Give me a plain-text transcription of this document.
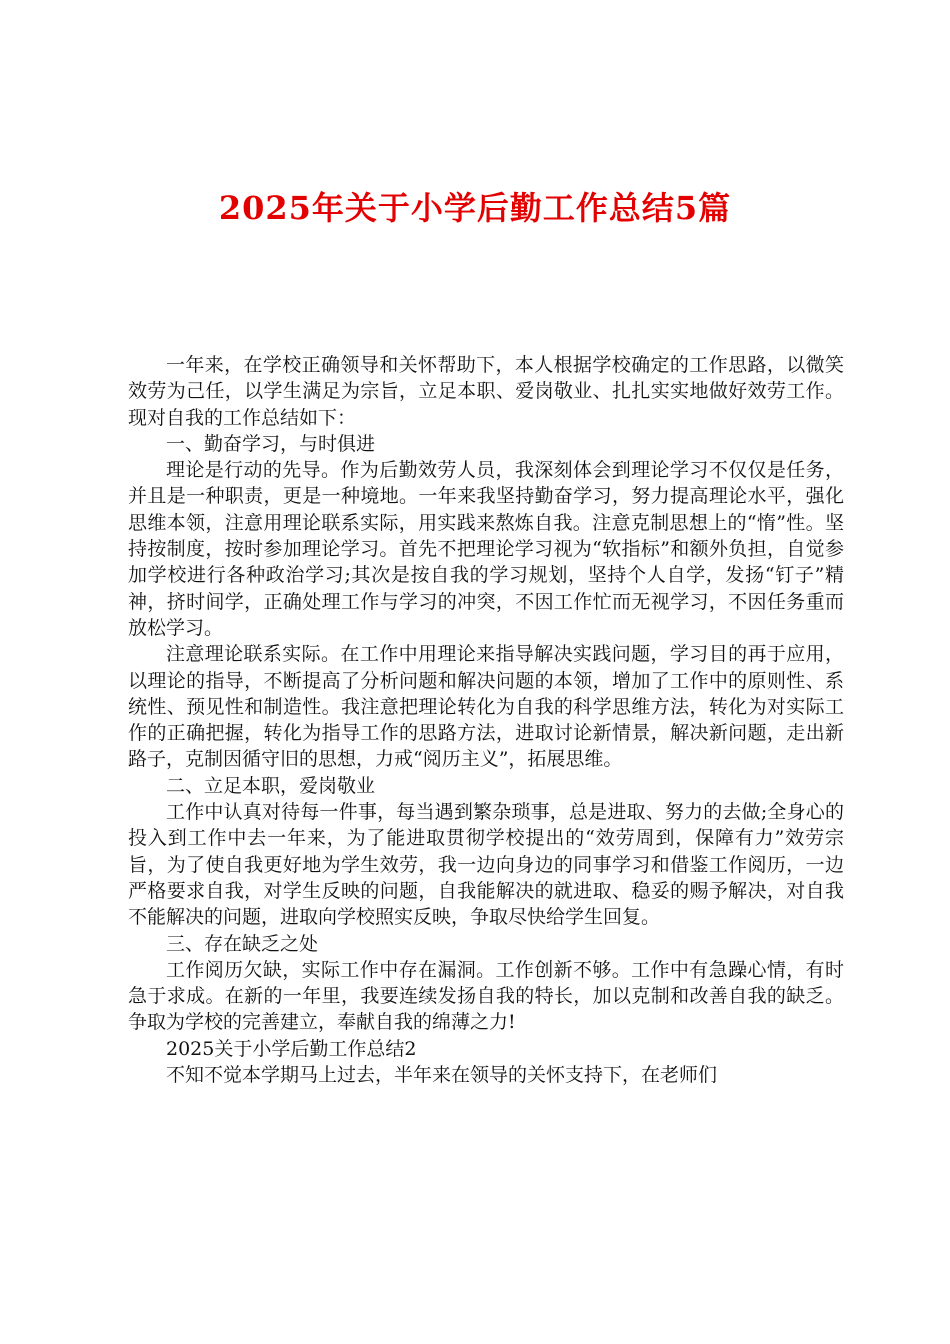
2025年关于小学后勤工作总结5篇

一年来，在学校正确领导和关怀帮助下，本人根据学校确定的工作思路，以微笑效劳为己任，以学生满足为宗旨，立足本职、爱岗敬业、扎扎实实地做好效劳工作。现对自我的工作总结如下：

一、勤奋学习，与时俱进

理论是行动的先导。作为后勤效劳人员，我深刻体会到理论学习不仅仅是任务，并且是一种职责，更是一种境地。一年来我坚持勤奋学习，努力提高理论水平，强化思维本领，注意用理论联系实际，用实践来熬炼自我。注意克制思想上的“惰”性。坚持按制度，按时参加理论学习。首先不把理论学习视为“软指标”和额外负担，自觉参加学校进行各种政治学习;其次是按自我的学习规划，坚持个人自学，发扬“钉子”精神，挤时间学，正确处理工作与学习的冲突，不因工作忙而无视学习，不因任务重而放松学习。

注意理论联系实际。在工作中用理论来指导解决实践问题，学习目的再于应用，以理论的指导，不断提高了分析问题和解决问题的本领，增加了工作中的原则性、系统性、预见性和制造性。我注意把理论转化为自我的科学思维方法，转化为对实际工作的正确把握，转化为指导工作的思路方法，进取讨论新情景，解决新问题，走出新路子，克制因循守旧的思想，力戒“阅历主义”，拓展思维。

二、立足本职，爱岗敬业

工作中认真对待每一件事，每当遇到繁杂琐事，总是进取、努力的去做;全身心的投入到工作中去一年来，为了能进取贯彻学校提出的“效劳周到，保障有力”效劳宗旨，为了使自我更好地为学生效劳，我一边向身边的同事学习和借鉴工作阅历，一边严格要求自我，对学生反映的问题，自我能解决的就进取、稳妥的赐予解决，对自我不能解决的问题，进取向学校照实反映，争取尽快给学生回复。

三、存在缺乏之处

工作阅历欠缺，实际工作中存在漏洞。工作创新不够。工作中有急躁心情，有时急于求成。在新的一年里，我要连续发扬自我的特长，加以克制和改善自我的缺乏。争取为学校的完善建立，奉献自我的绵薄之力!

2025关于小学后勤工作总结2

不知不觉本学期马上过去，半年来在领导的关怀支持下，在老师们
